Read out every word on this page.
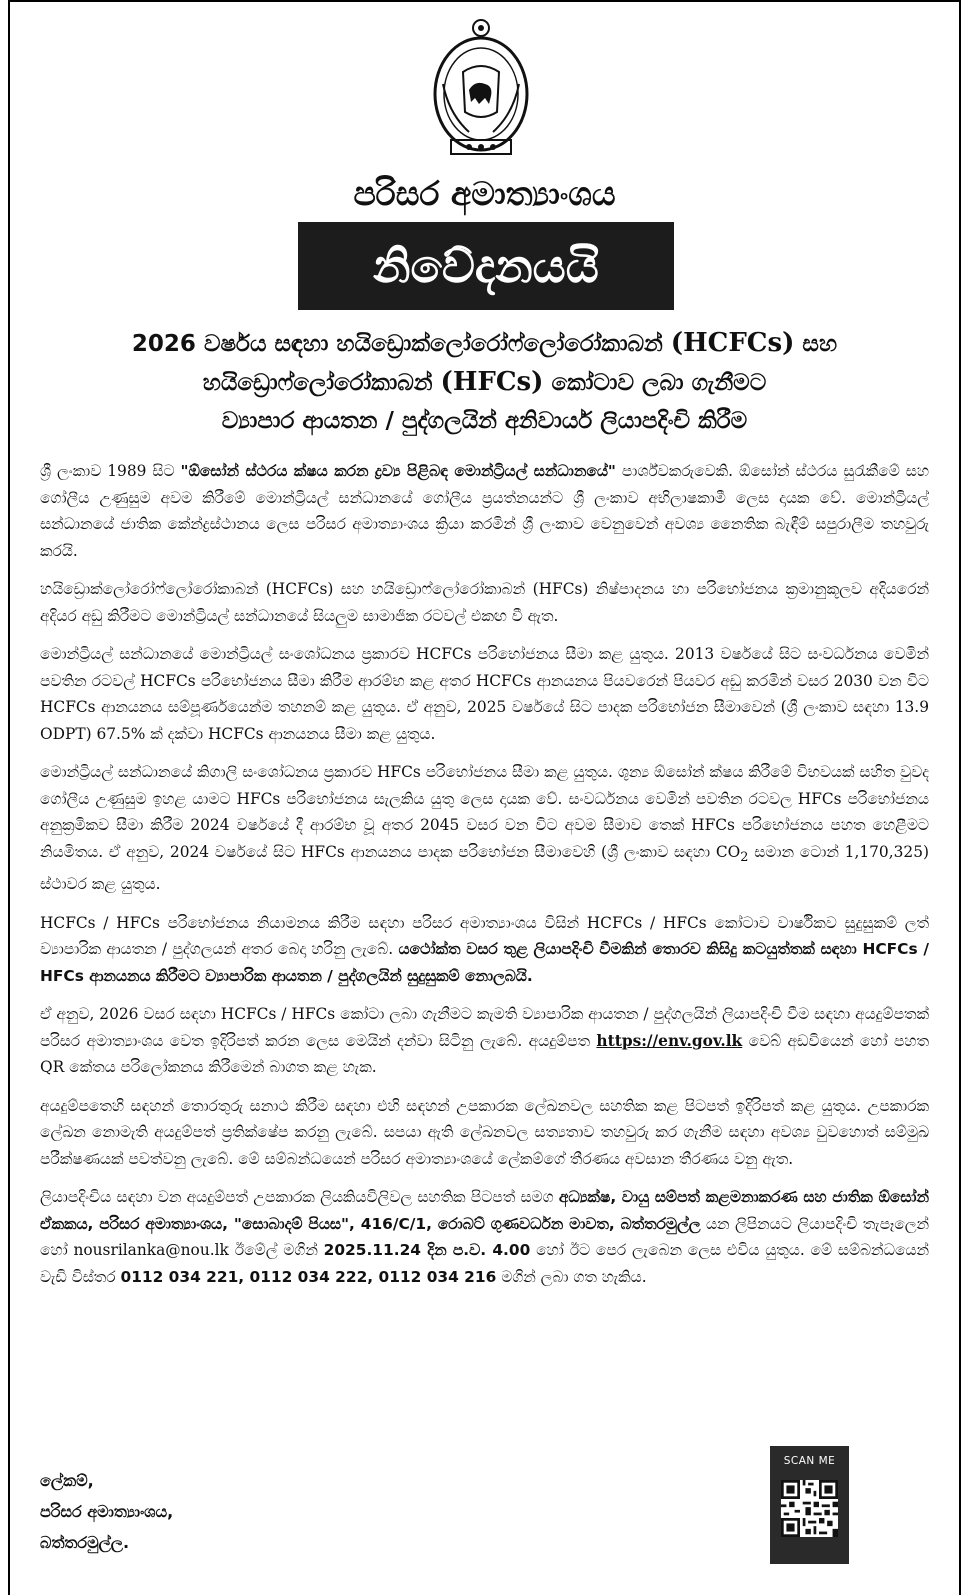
පරිසර අමාත්‍යාංශය
නිවේදනයයි
2026 වර්ෂය සඳහා හයිඩ්‍රොක්ලෝරෝෆ්ලෝරෝකාබන් (HCFCs) සහ
හයිඩ්‍රොෆ්ලෝරෝකාබන් (HFCs) කෝටාව ලබා ගැනීමට
ව්‍යාපාර ආයතන / පුද්ගලයින් අනිවාර්ය ලියාපදිංචි කිරීම

ශ්‍රී ලංකාව 1989 සිට "ඕසෝන් ස්ථරය ක්ෂය කරන ද්‍රව්‍ය පිළිබඳ මොන්ට්‍රියල් සන්ධානයේ" පාර්ශ්වකරුවෙකි. ඕසෝන් ස්ථරය සුරැකීමේ සහ ගෝලීය උණුසුම අවම කිරීමේ මොන්ට්‍රියල් සන්ධානයේ ගෝලීය ප්‍රයත්නයන්ට ශ්‍රී ලංකාව අභිලාෂකාමී ලෙස දායක වේ. මොන්ට්‍රියල් සන්ධානයේ ජාතික කේන්ද්‍රස්ථානය ලෙස පරිසර අමාත්‍යාංශය ක්‍රියා කරමින් ශ්‍රී ලංකාව වෙනුවෙන් අවශ්‍ය නෛතික බැඳීම් සපුරාලීම තහවුරු කරයි.

හයිඩ්‍රොක්ලෝරෝෆ්ලෝරෝකාබන් (HCFCs) සහ හයිඩ්‍රොෆ්ලෝරෝකාබන් (HFCs) නිෂ්පාදනය හා පරිභෝජනය ක්‍රමානුකූලව අදියරෙන් අදියර අඩු කිරීමට මොන්ට්‍රියල් සන්ධානයේ සියලුම සාමාජික රටවල් එකඟ වී ඇත.

මොන්ට්‍රියල් සන්ධානයේ මොන්ට්‍රියල් සංශෝධනය ප්‍රකාරව HCFCs පරිභෝජනය සීමා කළ යුතුය. 2013 වර්ෂයේ සිට සංවර්ධනය වෙමින් පවතින රටවල් HCFCs පරිභෝජනය සීමා කිරීම ආරම්භ කළ අතර HCFCs ආනයනය පියවරෙන් පියවර අඩු කරමින් වසර 2030 වන විට HCFCs ආනයනය සම්පූර්ණයෙන්ම තහනම් කළ යුතුය. ඒ අනුව, 2025 වර්ෂයේ සිට පාදක පරිභෝජන සීමාවෙන් (ශ්‍රී ලංකාව සඳහා 13.9 ODPT) 67.5% ක් දක්වා HCFCs ආනයනය සීමා කළ යුතුය.

මොන්ට්‍රියල් සන්ධානයේ කිගාලි සංශෝධනය ප්‍රකාරව HFCs පරිභෝජනය සීමා කළ යුතුය. ශුන්‍ය ඕසෝන් ක්ෂය කිරීමේ විභවයක් සහිත වුවද ගෝලීය උණුසුම ඉහළ යාමට HFCs පරිභෝජනය සැලකිය යුතු ලෙස දායක වේ. සංවර්ධනය වෙමින් පවතින රටවල HFCs පරිභෝජනය අනුක්‍රමිකව සීමා කිරීම 2024 වර්ෂයේ දී ආරම්භ වූ අතර 2045 වසර වන විට අවම සීමාව තෙක් HFCs පරිභෝජනය පහත හෙළීමට නියමිතය. ඒ අනුව, 2024 වර්ෂයේ සිට HFCs ආනයනය පාදක පරිභෝජන සීමාවෙහි (ශ්‍රී ලංකාව සඳහා $CO_2$ සමාන ටොන් 1,170,325) ස්ථාවර කළ යුතුය.

HCFCs / HFCs පරිභෝජනය නියාමනය කිරීම සඳහා පරිසර අමාත්‍යාංශය විසින් HCFCs / HFCs කෝටාව වාර්ෂිකව සුදුසුකම් ලත් ව්‍යාපාරික ආයතන / පුද්ගලයන් අතර බෙදා හරිනු ලැබේ. යථෝක්ත වසර තුළ ලියාපදිංචි වීමකින් තොරව කිසිදු කටයුත්තක් සඳහා HCFCs / HFCs ආනයනය කිරීමට ව්‍යාපාරික ආයතන / පුද්ගලයින් සුදුසුකම් නොලබයි.

ඒ අනුව, 2026 වසර සඳහා HCFCs / HFCs කෝටා ලබා ගැනීමට කැමති ව්‍යාපාරික ආයතන / පුද්ගලයින් ලියාපදිංචි වීම සඳහා අයදුම්පතක් පරිසර අමාත්‍යාංශය වෙත ඉදිරිපත් කරන ලෙස මෙයින් දන්වා සිටිනු ලැබේ. අයදුම්පත https://env.gov.lk වෙබ් අඩවියෙන් හෝ පහත QR කේතය පරිලෝකනය කිරීමෙන් බාගත කළ හැක.

අයදුම්පතෙහි සඳහන් තොරතුරු සනාථ කිරීම සඳහා එහි සඳහන් උපකාරක ලේඛනවල සහතික කළ පිටපත් ඉදිරිපත් කළ යුතුය. උපකාරක ලේඛන නොමැති අයදුම්පත් ප්‍රතික්ෂේප කරනු ලැබේ. සපයා ඇති ලේඛනවල සත්‍යතාව තහවුරු කර ගැනීම සඳහා අවශ්‍ය වුවහොත් සම්මුඛ පරීක්ෂණයක් පවත්වනු ලැබේ. මේ සම්බන්ධයෙන් පරිසර අමාත්‍යාංශයේ ලේකම්ගේ තීරණය අවසාන තීරණය වනු ඇත.

ලියාපදිංචිය සඳහා වන අයදුම්පත් උපකාරක ලියකියවිලිවල සහතික පිටපත් සමග අධ්‍යක්ෂ, වායු සම්පත් කළමනාකරණ සහ ජාතික ඕසෝන් ඒකකය, පරිසර අමාත්‍යාංශය, "සොබාදම් පියස", 416/C/1, රොබට් ගුණවර්ධන මාවත, බත්තරමුල්ල යන ලිපිනයට ලියාපදිංචි තැපෑලෙන් හෝ nousrilanka@nou.lk ඊමේල් මගින් 2025.11.24 දින ප.ව. 4.00 හෝ ඊට පෙර ලැබෙන ලෙස එවිය යුතුය. මේ සම්බන්ධයෙන් වැඩි විස්තර 0112 034 221, 0112 034 222, 0112 034 216 මගින් ලබා ගත හැකිය.

ලේකම්,
පරිසර අමාත්‍යාංශය,
බත්තරමුල්ල.
SCAN ME
